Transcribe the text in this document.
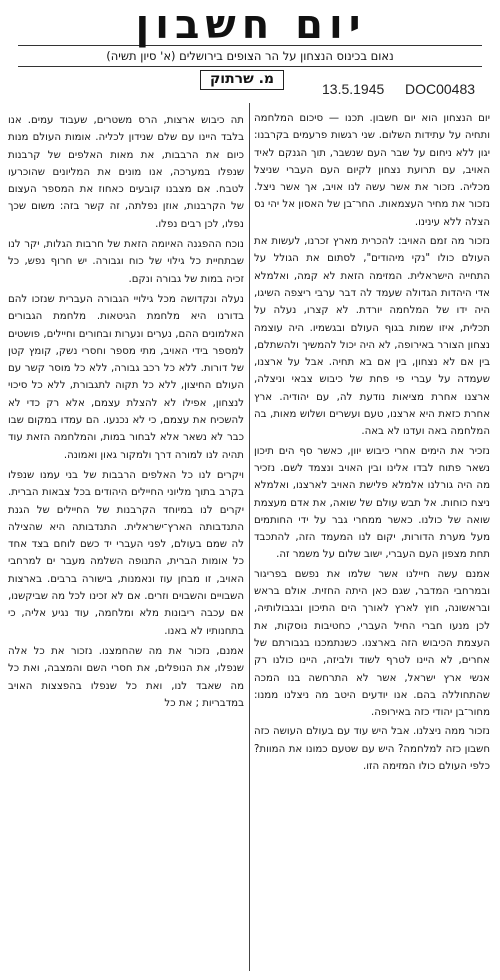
יום חשבון
נאום בכינוס הנצחון על הר הצופים בירושלים (א' סיון תשיה)
מ. שרתוק
13.5.1945 DOC00483

יום הנצחון הוא יום חשבון. תכנו — סיכום המלחמה ותחיה על עתידות השלום. שני רגשות פרעמים בקרבנו: יגון ללא ניחום על שבר העם שנשבר, תוך הגנקם לאיד האויב, עם תרועת נצחון לקיום העם העברי שניצל מכליה. נזכור את אשר עשה לנו אויב, אך אשר ניצל. נזכור את מחיר העצמאות. החר־בן של האסון אל יהי נס הצלה ללא עינינו.

נזכור מה זמם האויב: להכרית מארץ זכרנו, לעשות את העולם כולו "נקי מיהודים", לסתום את הגולל על התחייה הישראלית. המזימה הזאת לא קמה, ואלמלא אדי היהדות הגדולה שעמד לה דבר ערבי ריצפה השיגו, היה ידו של המלחמה יורדת. לא קצרו, נעלה על תכלית, איזו שמות בגוף העולם ובגשמיו. היה עוצמה נצחון הצורר באירופה, לא היה יכול להמשיך ולהשתלם, בין אם לא נצחון, בין אם בא תחיה. אבל על ארצנו, שעמדה על עברי פי פחת של כיבוש צבאי וניצלה, ארצנו אחרת מציאות נודעת לה, עם יהודיה. ארץ אחרת כזאת היא ארצנו, טעם ועשרים ושלוש מאות, בה המלחמה באה ועדנו לא באה.

נזכיר את הימים אחרי כיבוש יוון, כאשר סף הים תיכון נשאר פתוח לבדו אלינו ובין האויב ונצמד לשם. נזכיר מה היה גורלנו אלמלא פלישת האויב לארצנו, ואלמלא ניצח כוחות. אל תבש עולם של שואה, את אדם מעצמת שואה של כולנו. כאשר ממחרי גבר על ידי החותמים מעל מערת הדורות, יקום לנו המעמד הזה, להתכבד תחת מצפון העם העברי, ישוב שלום על משמר זה.

אמנם עשה חיילנו אשר שלמו את נפשם בפריגור ובמרחבי המדבר, שגם כאן היתה החזית. אולם בראש ובראשונה, חוץ לארץ לאורך הים התיכון ובגבולותיה, לכן מנעו חברי החיל העברי, כחטיבות נוסקות, את העצמת הכיבוש הזה בארצנו. כשנתמכנו בגבורתם של אחרים, לא היינו לטרף לשוד ולביזה, היינו כולנו רק אנשי ארץ ישראל, אשר לא התרחשה בנו המכה שהתחוללה בהם. אנו יודעים היטב מה ניצלנו ממנו: מחור־בן יהודי כזה באירופה.

נזכור ממה ניצלנו. אבל היש עוד עם בעולם העושה כזה חשבון כזה למלחמה? היש עם שטעם כמונו את המוות? כלפי העולם כולו המזימה הזו.

תה כיבוש ארצות, הרס משטרים, שעבוד עמים. אנו בלבד היינו עם שלם שנידון לכליה. אומות העולם מנות כיום את הרבבות, את מאות האלפים של קרבנות שנפלו במערכה, אנו מונים את המליונים שהוכרעו לטבח. אם מצבנו קובעים כאחוז את המספר העצום של הקרבנות, אוזן נפלתה, זה קשר בזה: משום שכך נפלו, לכן רבים נפלו.

נוכח ההפגנה האיומה הזאת של חרבות הגלות, יקר לנו שבתחיית כל גילוי של כוח וגבורה. יש חרוף נפש, כל זכיה במות של גבורה ונקם.

נעלה ונקדושה מכל גילויי הגבורה העברית שנזכו להם בדורנו היא מלחמת הגיטאות. מלחמת הגבורים האלמונים ההם, נערים ונערות ובחורים וחיילים, פושטים למספר בידי האויב, מתי מספר וחסרי נשק, קומץ קטן של דורות. ללא כל רכב גבורה, ללא כל מוסר קשר עם העולם החיצון, ללא כל תקוה לתגבורת, ללא כל סיכוי לנצחון, אפילו לא להצלת עצמם, אלא רק כדי לא להשכיח את עצמם, כי לא נכנעו. הם עמדו במקום שבו כבר לא נשאר אלא לבחור במות, והמלחמה הזאת עוד תהיה לנו למורה דרך ולמקור גאון ואמונה.

ויקרים לנו כל האלפים הרבבות של בני עמנו שנפלו בקרב בתוך מליוני החיילים היהודים בכל צבאות הברית. יקרים לנו במיוחד הקרבנות של החיילים של הגנת התנדבותה הארץ־ישראלית. התנדבותה היא שהצילה לה שמם בעולם, לפני העברי יד כשם לוחם בצד אחד כל אומות הברית, התנופה השלמה מעבר ים למרחבי האויב, זו מבחן עוז ונאמנות, בישורה ברבים. בארצות השבויים והשבוים וזרים. אם לא זכינו לכל מה שביקשנו, אם עכבה ריבונות מלא ומלחמה, עוד נגיע אליה, כי בתחנותיו לא באנו.

אמנם, נזכור את מה שהחמצנו. נזכור את כל אלה שנפלו, את הנופלים, את חסרי השם והמצבה, ואת כל מה שאבד לנו, ואת כל שנפלו בהפצצות האויב במדבריות ; את כל
